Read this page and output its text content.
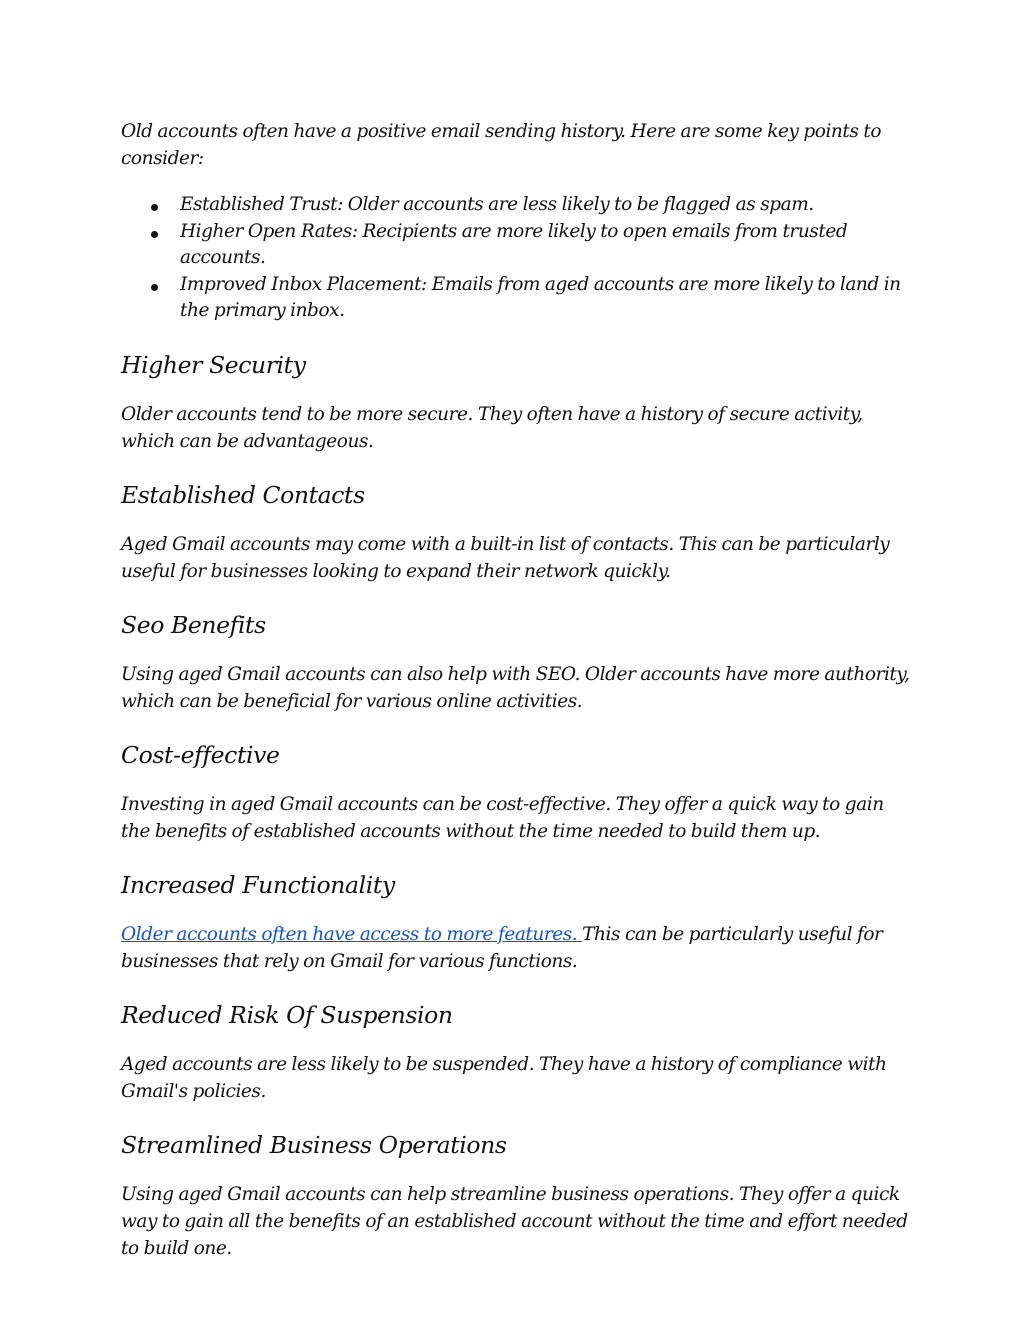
Old accounts often have a positive email sending history. Here are some key points to consider:

Established Trust: Older accounts are less likely to be flagged as spam.
Higher Open Rates: Recipients are more likely to open emails from trusted accounts.
Improved Inbox Placement: Emails from aged accounts are more likely to land in the primary inbox.
Higher Security

Older accounts tend to be more secure. They often have a history of secure activity, which can be advantageous.

Established Contacts

Aged Gmail accounts may come with a built-in list of contacts. This can be particularly useful for businesses looking to expand their network quickly.

Seo Benefits

Using aged Gmail accounts can also help with SEO. Older accounts have more authority, which can be beneficial for various online activities.

Cost-effective

Investing in aged Gmail accounts can be cost-effective. They offer a quick way to gain the benefits of established accounts without the time needed to build them up.

Increased Functionality

Older accounts often have access to more features. This can be particularly useful for businesses that rely on Gmail for various functions.

Reduced Risk Of Suspension

Aged accounts are less likely to be suspended. They have a history of compliance with Gmail's policies.

Streamlined Business Operations

Using aged Gmail accounts can help streamline business operations. They offer a quick way to gain all the benefits of an established account without the time and effort needed to build one.
